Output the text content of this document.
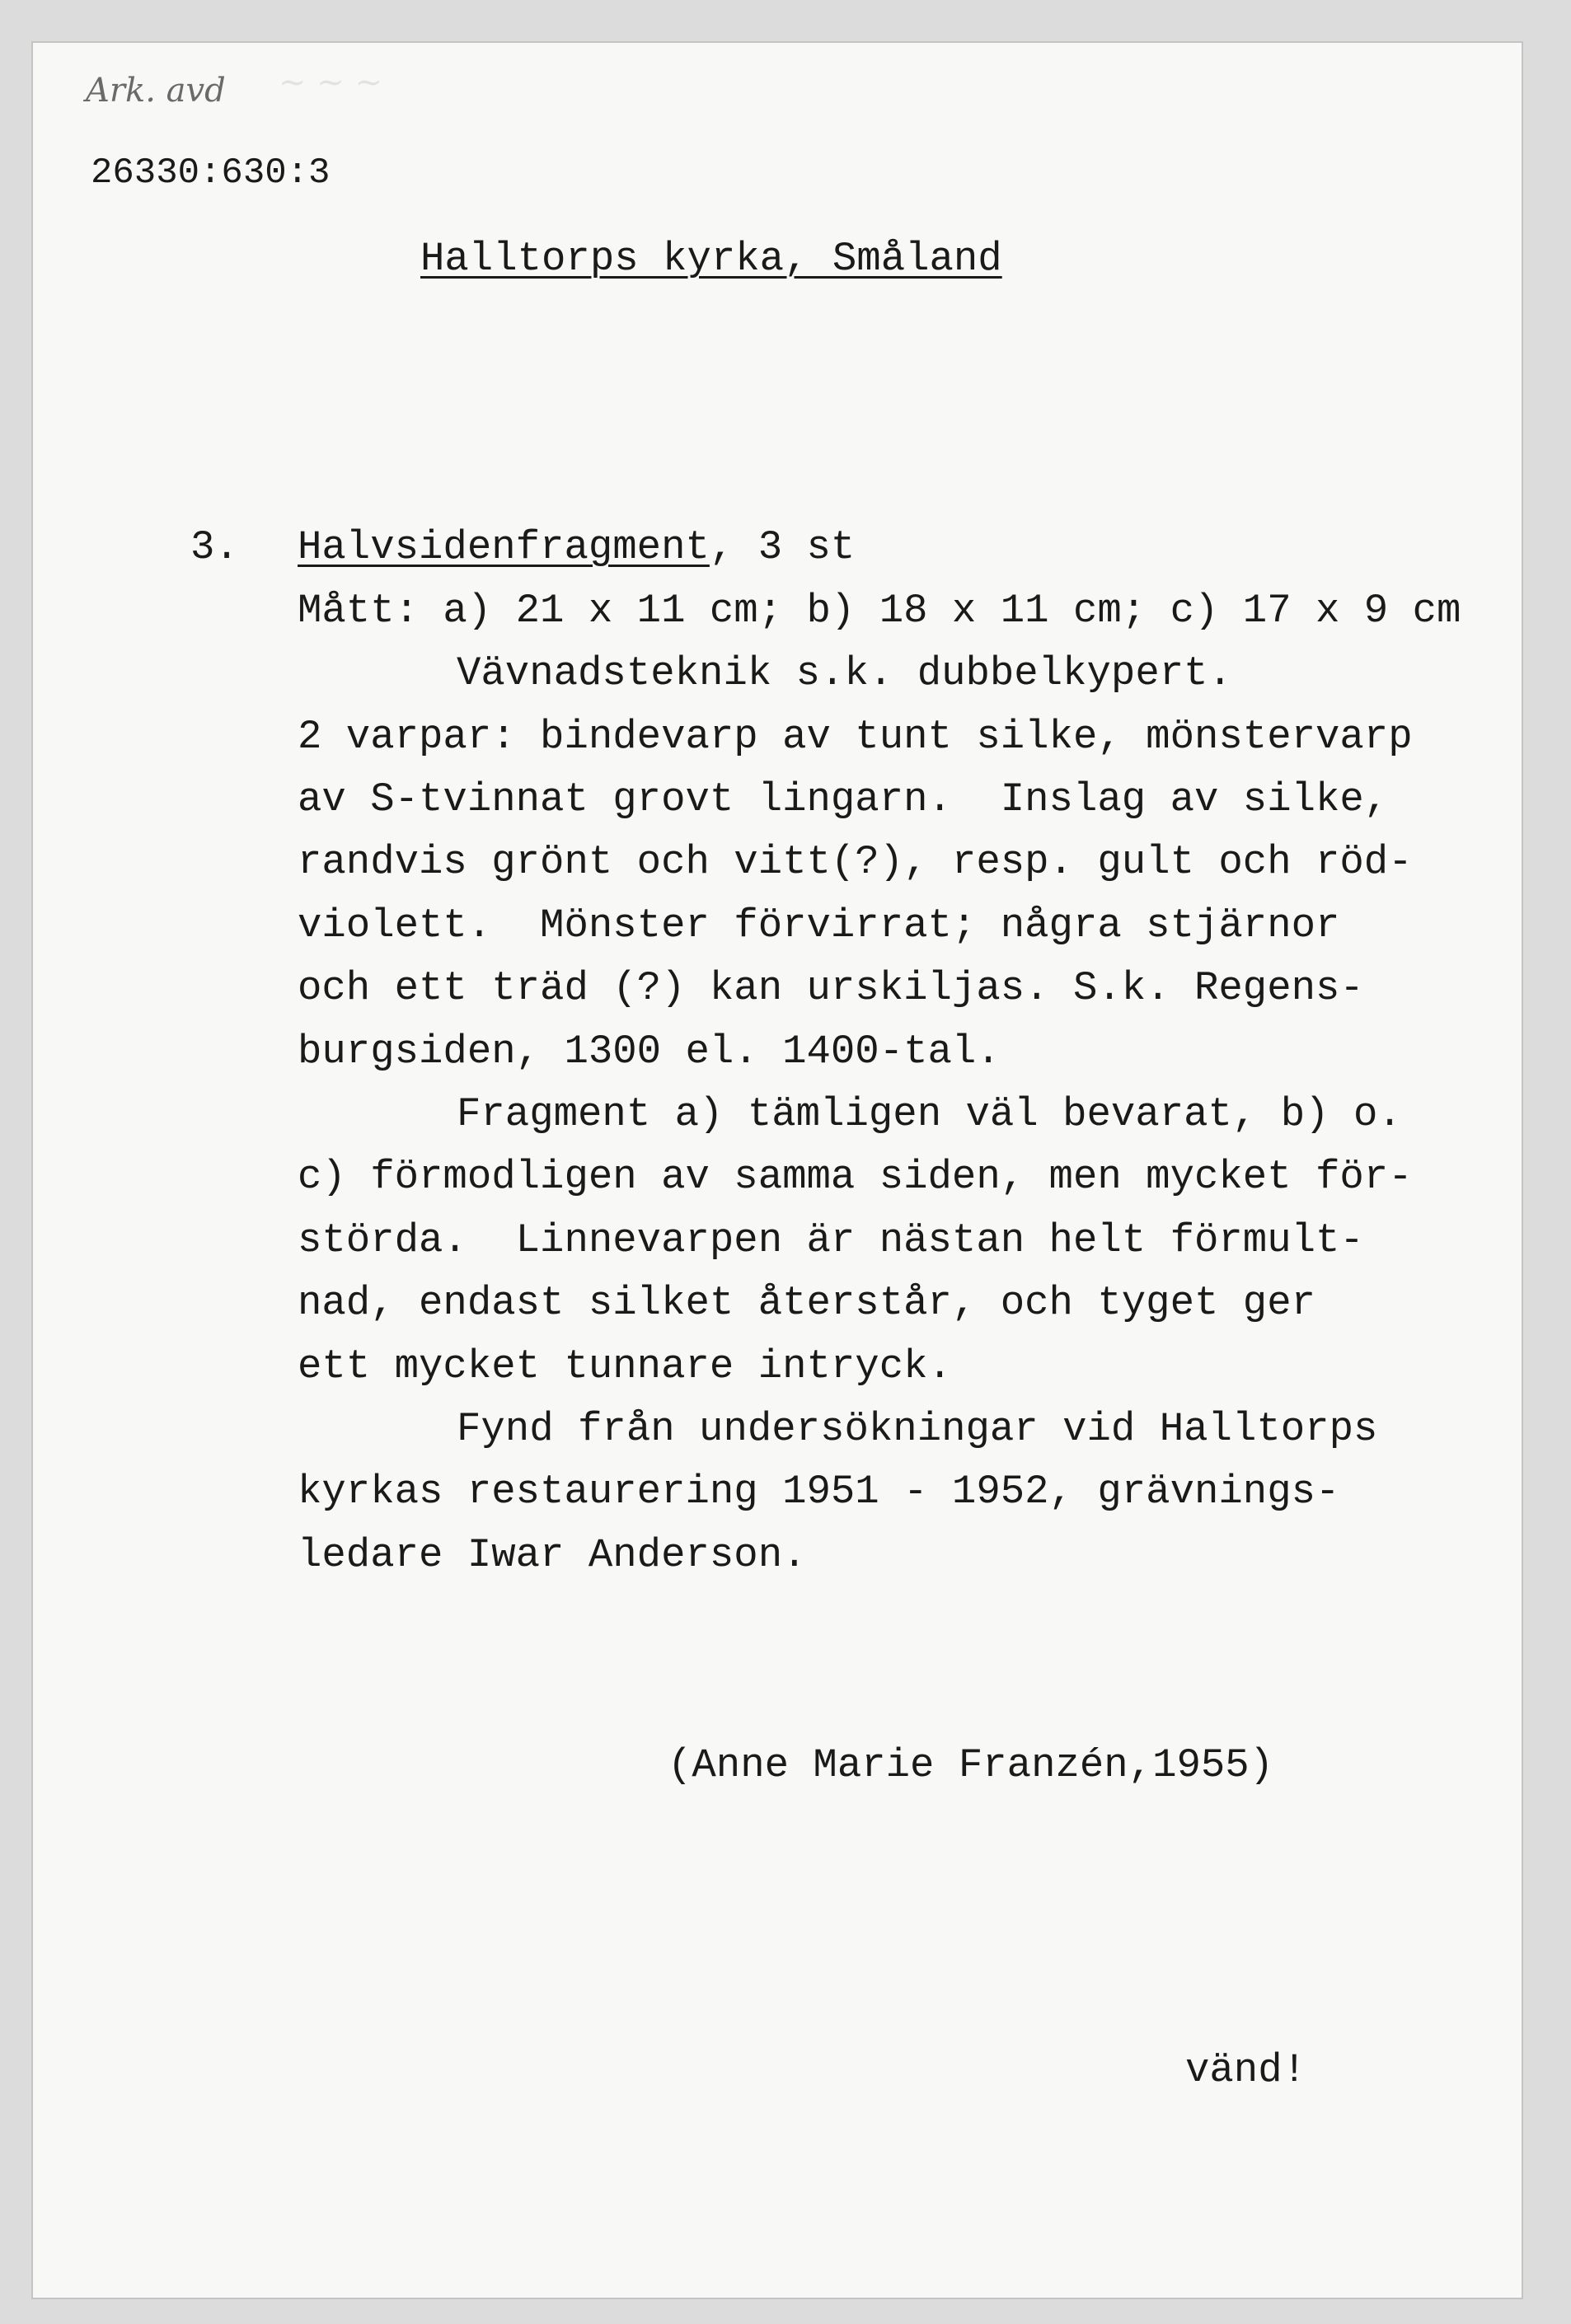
~ ~ ~
Ark. avd
26330:630:3
Halltorps kyrka, Småland
3. Halvsidenfragment, 3 st
Mått: a) 21 x 11 cm; b) 18 x 11 cm; c) 17 x 9 cm
Vävnadsteknik s.k. dubbelkypert.
2 varpar: bindevarp av tunt silke, mönstervarp
av S-tvinnat grovt lingarn.  Inslag av silke,
randvis grönt och vitt(?), resp. gult och röd-
violett.  Mönster förvirrat; några stjärnor
och ett träd (?) kan urskiljas. S.k. Regens-
burgsiden, 1300 el. 1400-tal.
Fragment a) tämligen väl bevarat, b) o.
c) förmodligen av samma siden, men mycket för-
störda.  Linnevarpen är nästan helt förmult-
nad, endast silket återstår, och tyget ger
ett mycket tunnare intryck.
Fynd från undersökningar vid Halltorps
kyrkas restaurering 1951 - 1952, grävnings-
ledare Iwar Anderson.
(Anne Marie Franzén,1955)
vänd!
